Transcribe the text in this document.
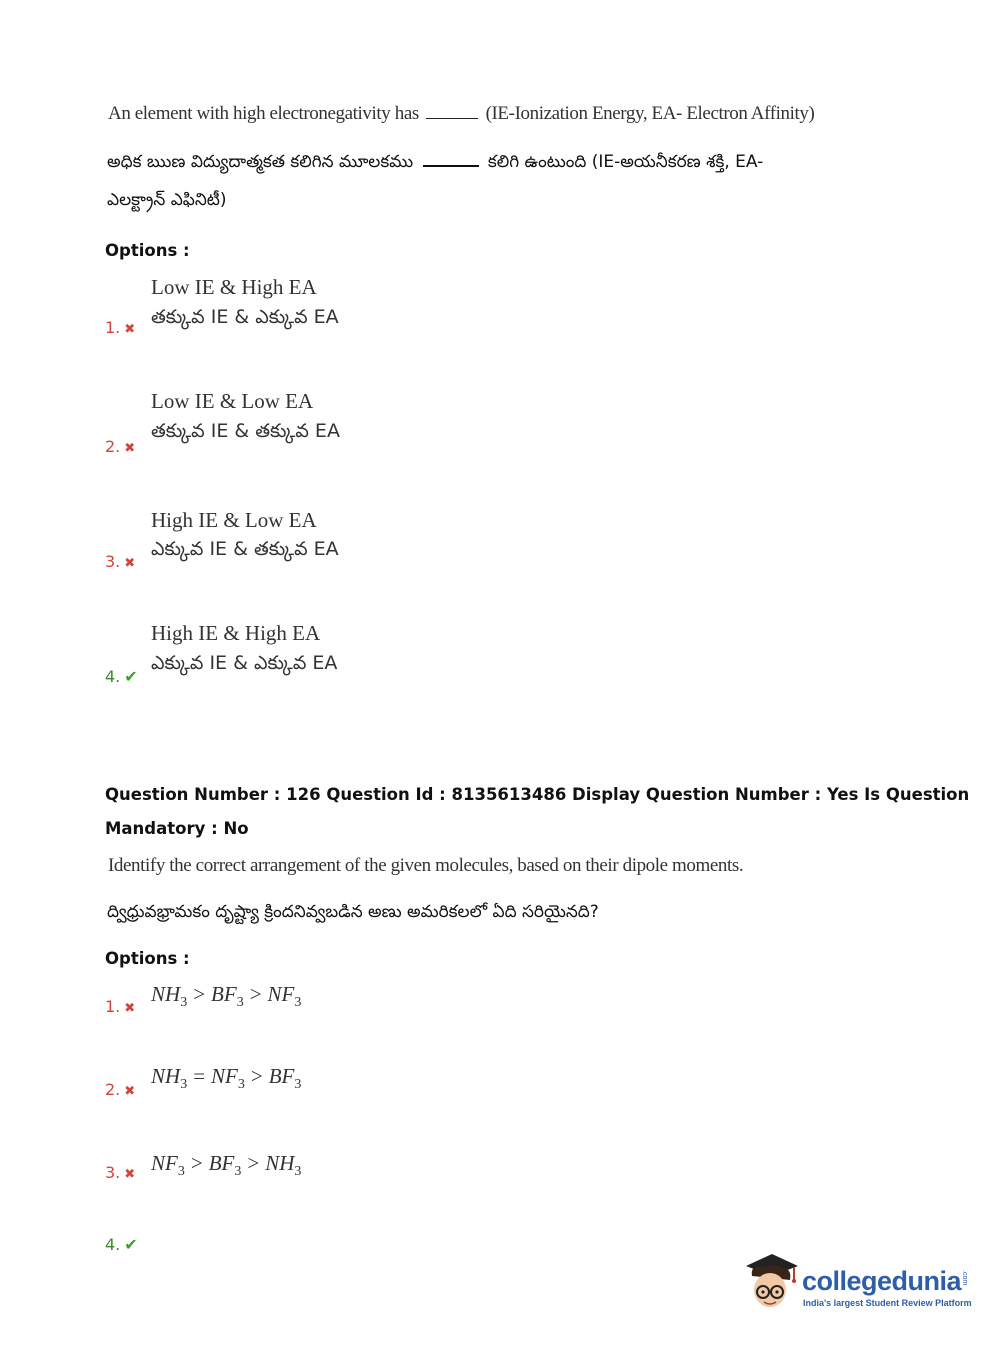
An element with high electronegativity has	(IE-Ionization Energy, EA- Electron Affinity)
అధిక ఋణ విద్యుదాత్మకత కలిగిన మూలకము	కలిగి ఉంటుంది (IE-అయనీకరణ శక్తి, EA-
ఎలక్ట్రాన్ ఎఫినిటీ)
Options :
Low IE & High EA
తక్కువ IE & ఎక్కువ EA
1. ✖
Low IE & Low EA
తక్కువ IE & తక్కువ EA
2. ✖
High IE & Low EA
ఎక్కువ IE & తక్కువ EA
3. ✖
High IE & High EA
ఎక్కువ IE & ఎక్కువ EA
4. ✔
Question Number : 126 Question Id : 8135613486 Display Question Number : Yes Is Question
Mandatory : No
Identify the correct arrangement of the given molecules, based on their dipole moments.
ద్విధ్రువభ్రామకం దృష్ట్యా క్రిందనివ్వబడిన అణు అమరికలలో ఏది సరియైనది?
Options :
$NH_3 > BF_3 > NF_3$
1. ✖
$NH_3 = NF_3 > BF_3$
2. ✖
$NF_3 > BF_3 > NH_3$
3. ✖
4. ✔
collegedunia .com
India's largest Student Review Platform
